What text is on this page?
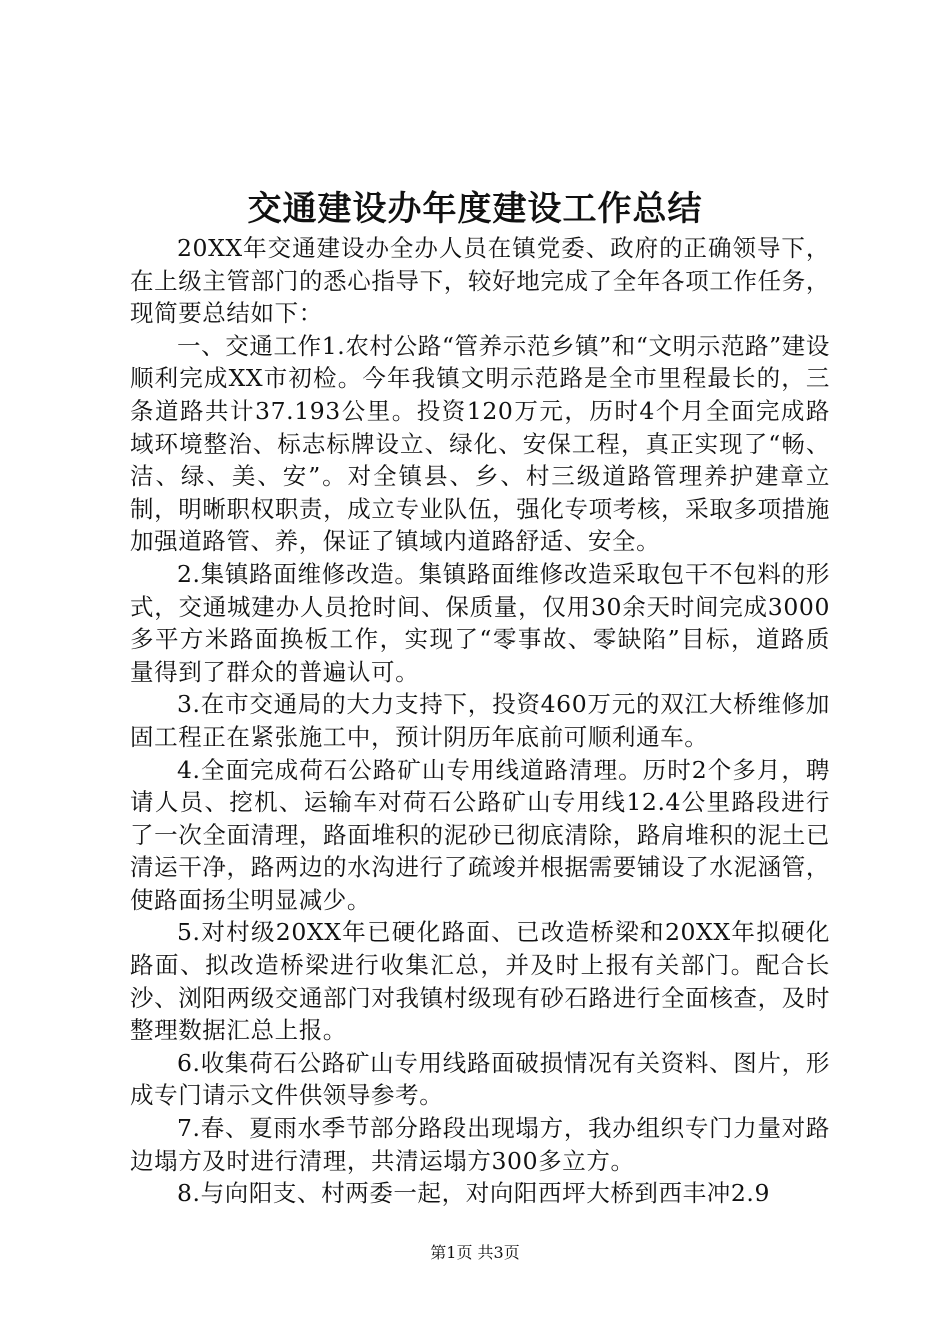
交通建设办年度建设工作总结

20XX年交通建设办全办人员在镇党委、政府的正确领导下，在上级主管部门的悉心指导下，较好地完成了全年各项工作任务，现简要总结如下：

一、交通工作1.农村公路“管养示范乡镇”和“文明示范路”建设顺利完成XX市初检。今年我镇文明示范路是全市里程最长的，三条道路共计37.193公里。投资120万元，历时4个月全面完成路域环境整治、标志标牌设立、绿化、安保工程，真正实现了“畅、洁、绿、美、安”。对全镇县、乡、村三级道路管理养护建章立制，明晰职权职责，成立专业队伍，强化专项考核，采取多项措施加强道路管、养，保证了镇域内道路舒适、安全。

2.集镇路面维修改造。集镇路面维修改造采取包干不包料的形式，交通城建办人员抢时间、保质量，仅用30余天时间完成3000多平方米路面换板工作，实现了“零事故、零缺陷”目标，道路质量得到了群众的普遍认可。

3.在市交通局的大力支持下，投资460万元的双江大桥维修加固工程正在紧张施工中，预计阴历年底前可顺利通车。

4.全面完成荷石公路矿山专用线道路清理。历时2个多月，聘请人员、挖机、运输车对荷石公路矿山专用线12.4公里路段进行了一次全面清理，路面堆积的泥砂已彻底清除，路肩堆积的泥土已清运干净，路两边的水沟进行了疏竣并根据需要铺设了水泥涵管，使路面扬尘明显减少。

5.对村级20XX年已硬化路面、已改造桥梁和20XX年拟硬化路面、拟改造桥梁进行收集汇总，并及时上报有关部门。配合长沙、浏阳两级交通部门对我镇村级现有砂石路进行全面核查，及时整理数据汇总上报。

6.收集荷石公路矿山专用线路面破损情况有关资料、图片，形成专门请示文件供领导参考。

7.春、夏雨水季节部分路段出现塌方，我办组织专门力量对路边塌方及时进行清理，共清运塌方300多立方。

8.与向阳支、村两委一起，对向阳西坪大桥到西丰冲2.9

第1页 共3页
